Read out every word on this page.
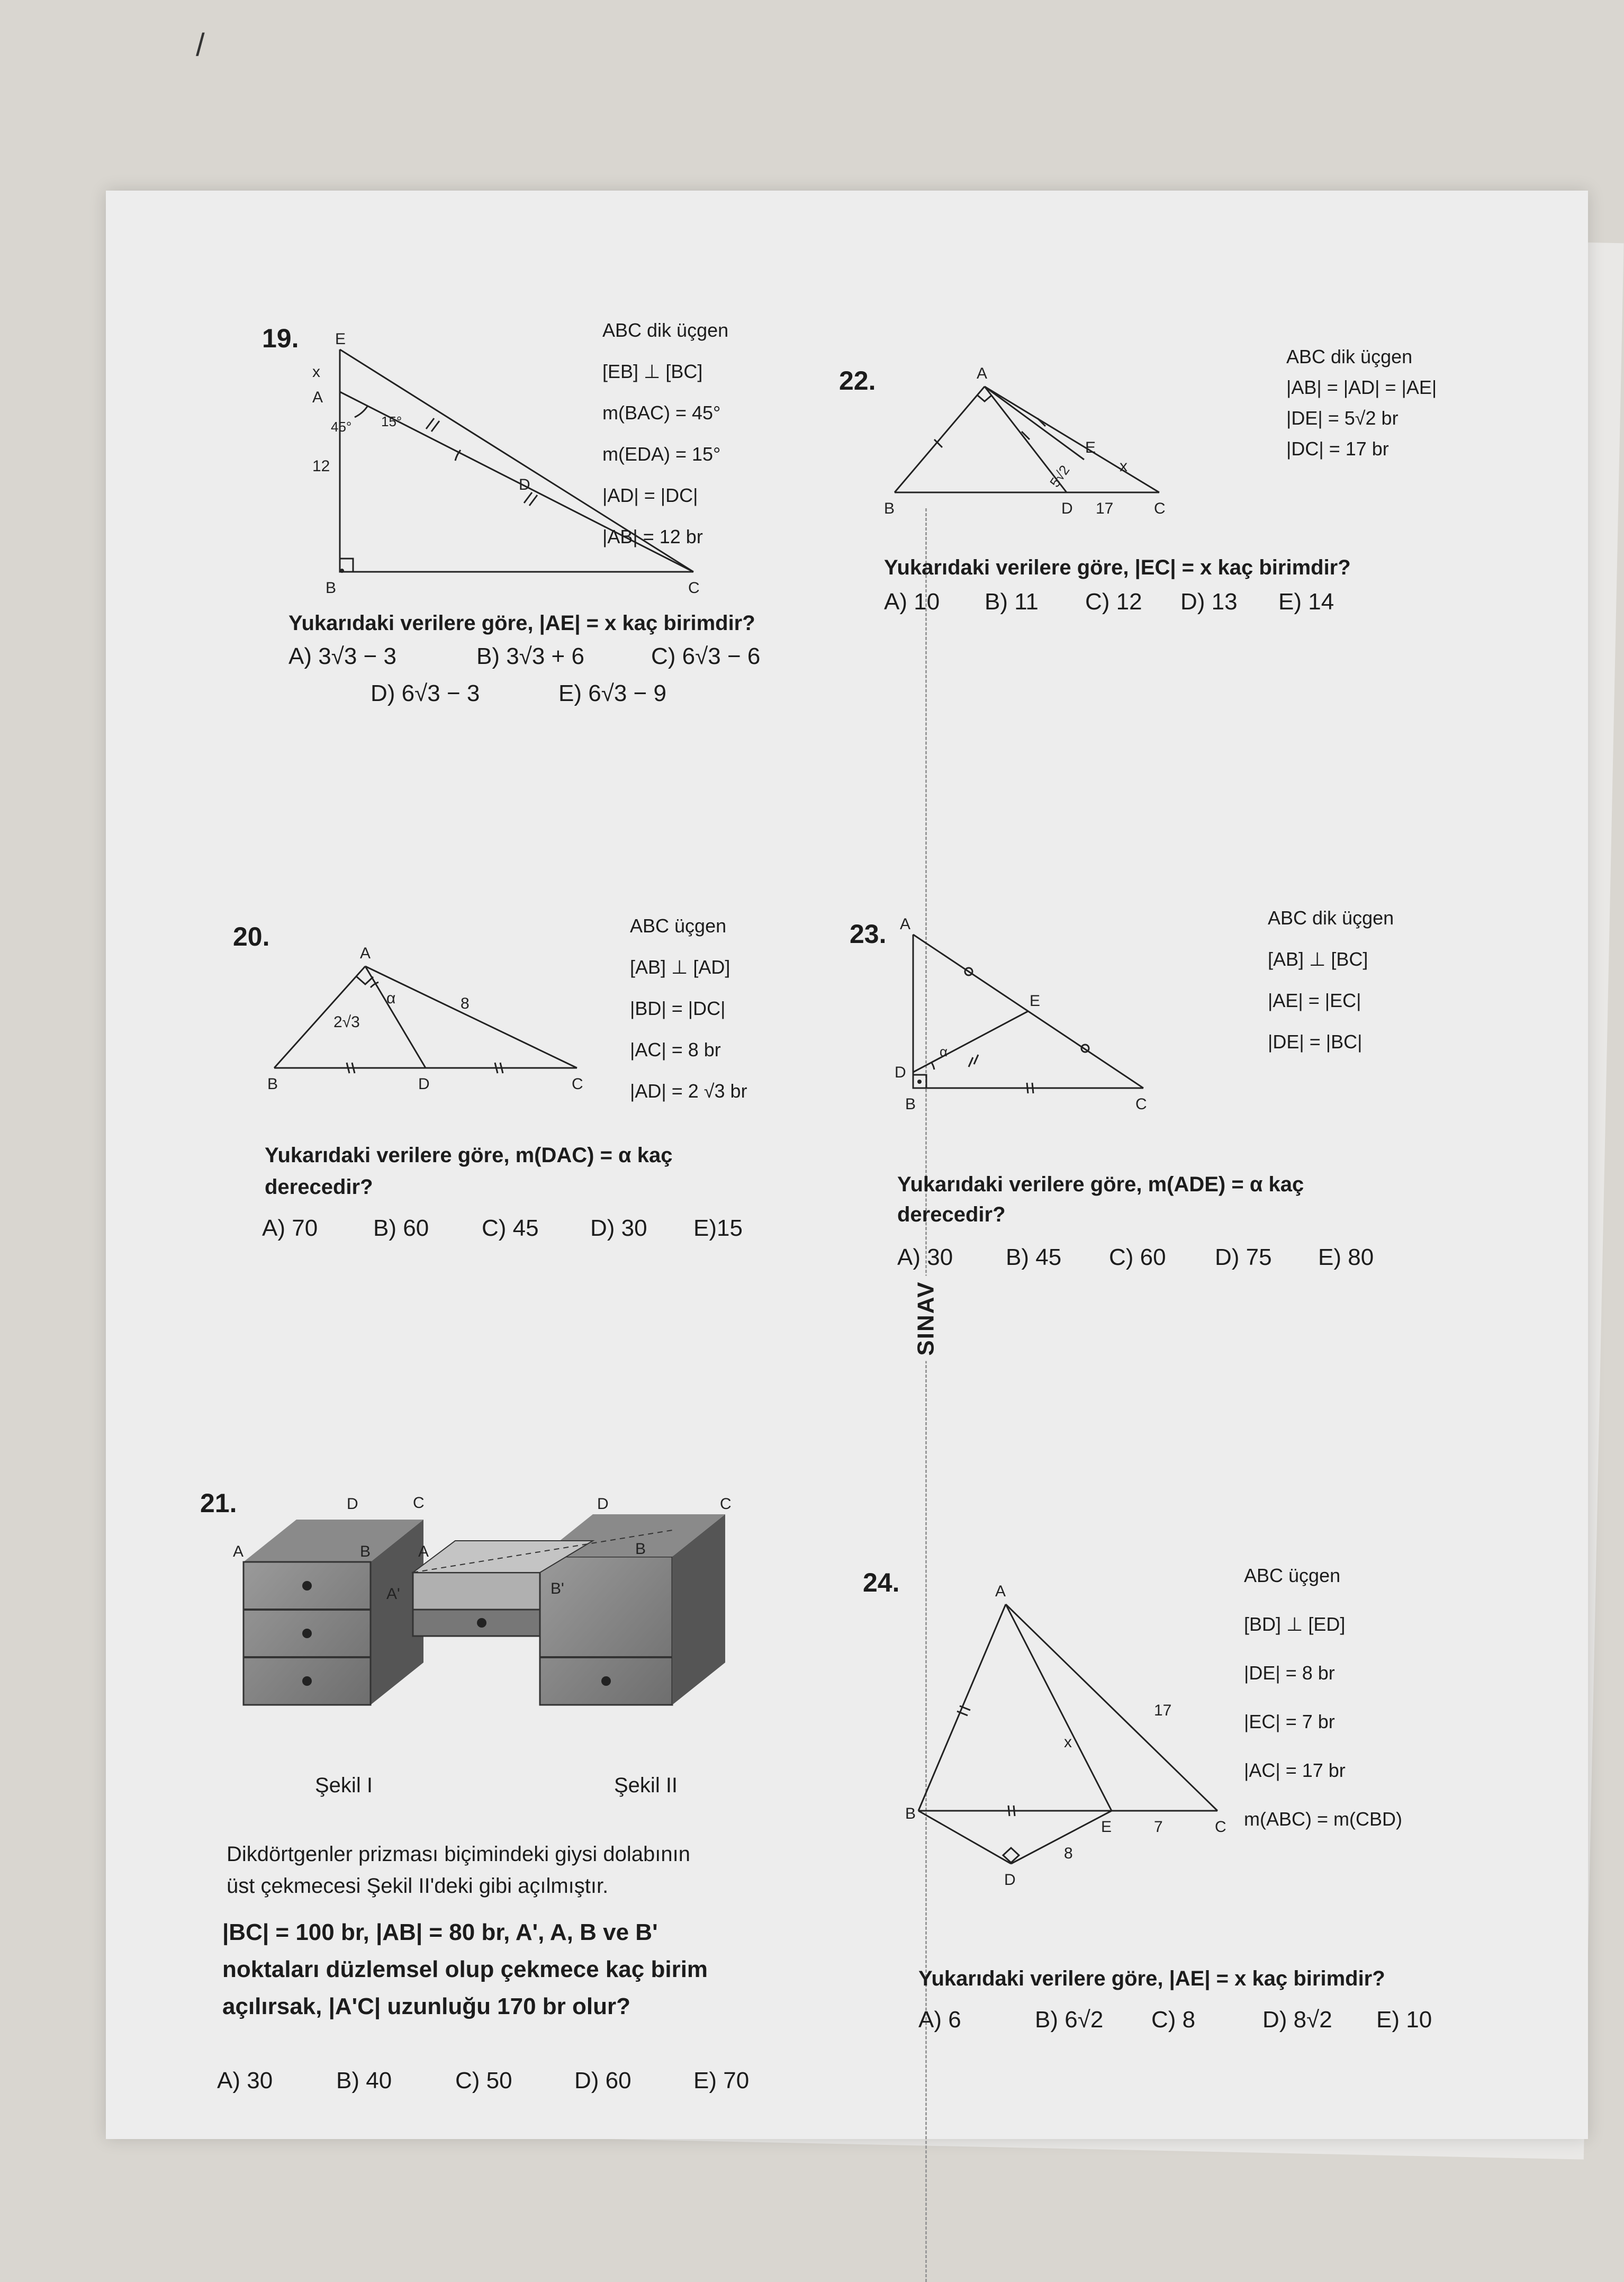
/
19. E
x
A
45° 15°
D
12
B	C
ABC dik üçgen
[EB] ⊥ [BC]
m(BAC) = 45°
m(EDA) = 15°
|AD| = |DC|
|AB| = 12 br
Yukarıdaki verilere göre, |AE| = x kaç birimdir?
A) 3√3 − 3	B) 3√3 + 6	C) 6√3 − 6
D) 6√3 − 3	E) 6√3 − 9
20.
A
α
2√3
8
B	D	C
ABC üçgen
[AB] ⊥ [AD]
|BD| = |DC|
|AC| = 8 br
|AD| = 2 √3 br
Yukarıdaki verilere göre, m(DAC) = α kaç
derecedir?
A) 70 B) 60 C) 45 D) 30 E)15
21.	D
A	B
D	C
C
B
A
A'	B'
Şekil I	Şekil II
Dikdörtgenler prizması biçimindeki giysi dolabının
üst çekmecesi Şekil II'deki gibi açılmıştır.
|BC| = 100 br, |AB| = 80 br, A', A, B ve B'
noktaları düzlemsel olup çekmece kaç birim
açılırsak, |A'C| uzunluğu 170 br olur?
A) 30	B) 40	C) 50	D) 60	E) 70
SINAV
22.	A
B	D
E
x
5√2
17	C
ABC dik üçgen
|AB| = |AD| = |AE|
|DE| = 5√2 br
|DC| = 17 br
Yukarıdaki verilere göre, |EC| = x kaç birimdir?
A) 10 B) 11 C) 12 D) 13 E) 14
23. A
D
B	C
E
α
ABC dik üçgen
[AB] ⊥ [BC]
|AE| = |EC|
|DE| = |BC|
Yukarıdaki verilere göre, m(ADE) = α kaç
derecedir?
A) 30 B) 45 C) 60 D) 75 E) 80
24.	A
B
E	C
D
17
7
x
8
ABC üçgen
[BD] ⊥ [ED]
|DE| = 8 br
|EC| = 7 br
|AC| = 17 br
m(ABC) = m(CBD)
Yukarıdaki verilere göre, |AE| = x kaç birimdir?
A) 6	B) 6√2 C) 8	D) 8√2 E) 10
